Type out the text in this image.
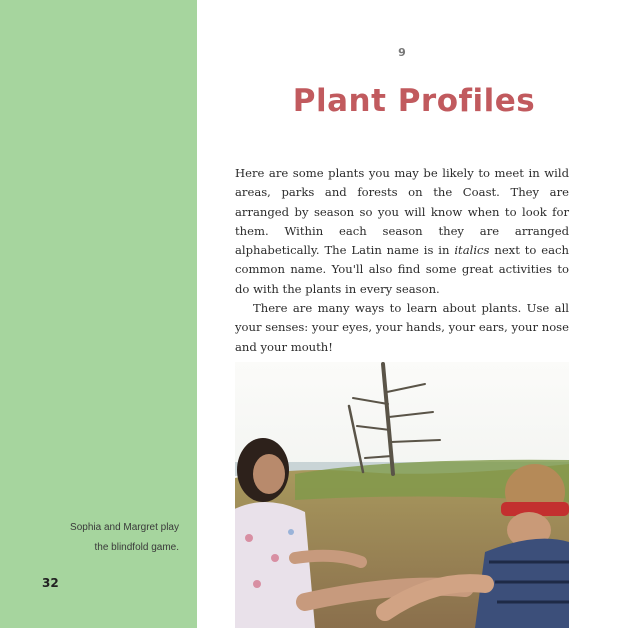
Sophia and Margret play
the blindfold game.
32
9
Plant Profiles

Here are some plants you may be likely to meet in wild areas, parks and forests on the Coast. They are arranged by season so you will know when to look for them. Within each season they are arranged alphabetically. The Latin name is in italics next to each common name. You'll also find some great activities to do with the plants in every season.

There are many ways to learn about plants. Use all your senses: your eyes, your hands, your ears, your nose and your mouth!
